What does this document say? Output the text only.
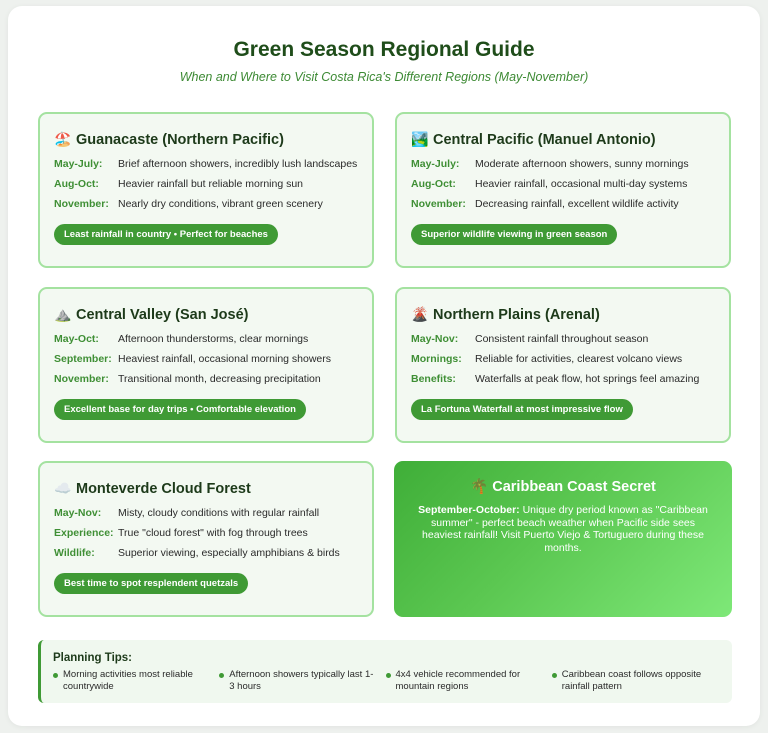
Green Season Regional Guide
When and Where to Visit Costa Rica's Different Regions (May-November)
🏖️ Guanacaste (Northern Pacific)
May-July:	Brief afternoon showers, incredibly lush landscapes
Aug-Oct:	Heavier rainfall but reliable morning sun
November: Nearly dry conditions, vibrant green scenery
Least rainfall in country • Perfect for beaches
🏞️ Central Pacific (Manuel Antonio)
May-July:	Moderate afternoon showers, sunny mornings
Aug-Oct:	Heavier rainfall, occasional multi-day systems
November: Decreasing rainfall, excellent wildlife activity
Superior wildlife viewing in green season
⛰️ Central Valley (San José)
May-Oct:	Afternoon thunderstorms, clear mornings
September: Heaviest rainfall, occasional morning showers
November: Transitional month, decreasing precipitation
Excellent base for day trips • Comfortable elevation
🌋 Northern Plains (Arenal)
May-Nov:	Consistent rainfall throughout season
Mornings:	Reliable for activities, clearest volcano views
Benefits:	Waterfalls at peak flow, hot springs feel amazing
La Fortuna Waterfall at most impressive flow
☁️ Monteverde Cloud Forest
May-Nov:	Misty, cloudy conditions with regular rainfall
Experience: True "cloud forest" with fog through trees
Wildlife:	Superior viewing, especially amphibians & birds
Best time to spot resplendent quetzals
🌴 Caribbean Coast Secret
September-October: Unique dry period known as "Caribbean summer" - perfect beach weather when Pacific side sees heaviest rainfall! Visit Puerto Viejo & Tortuguero during these months.
Planning Tips:
Morning activities most reliable countrywide
Afternoon showers typically last 1-3 hours
4x4 vehicle recommended for mountain regions
Caribbean coast follows opposite rainfall pattern
